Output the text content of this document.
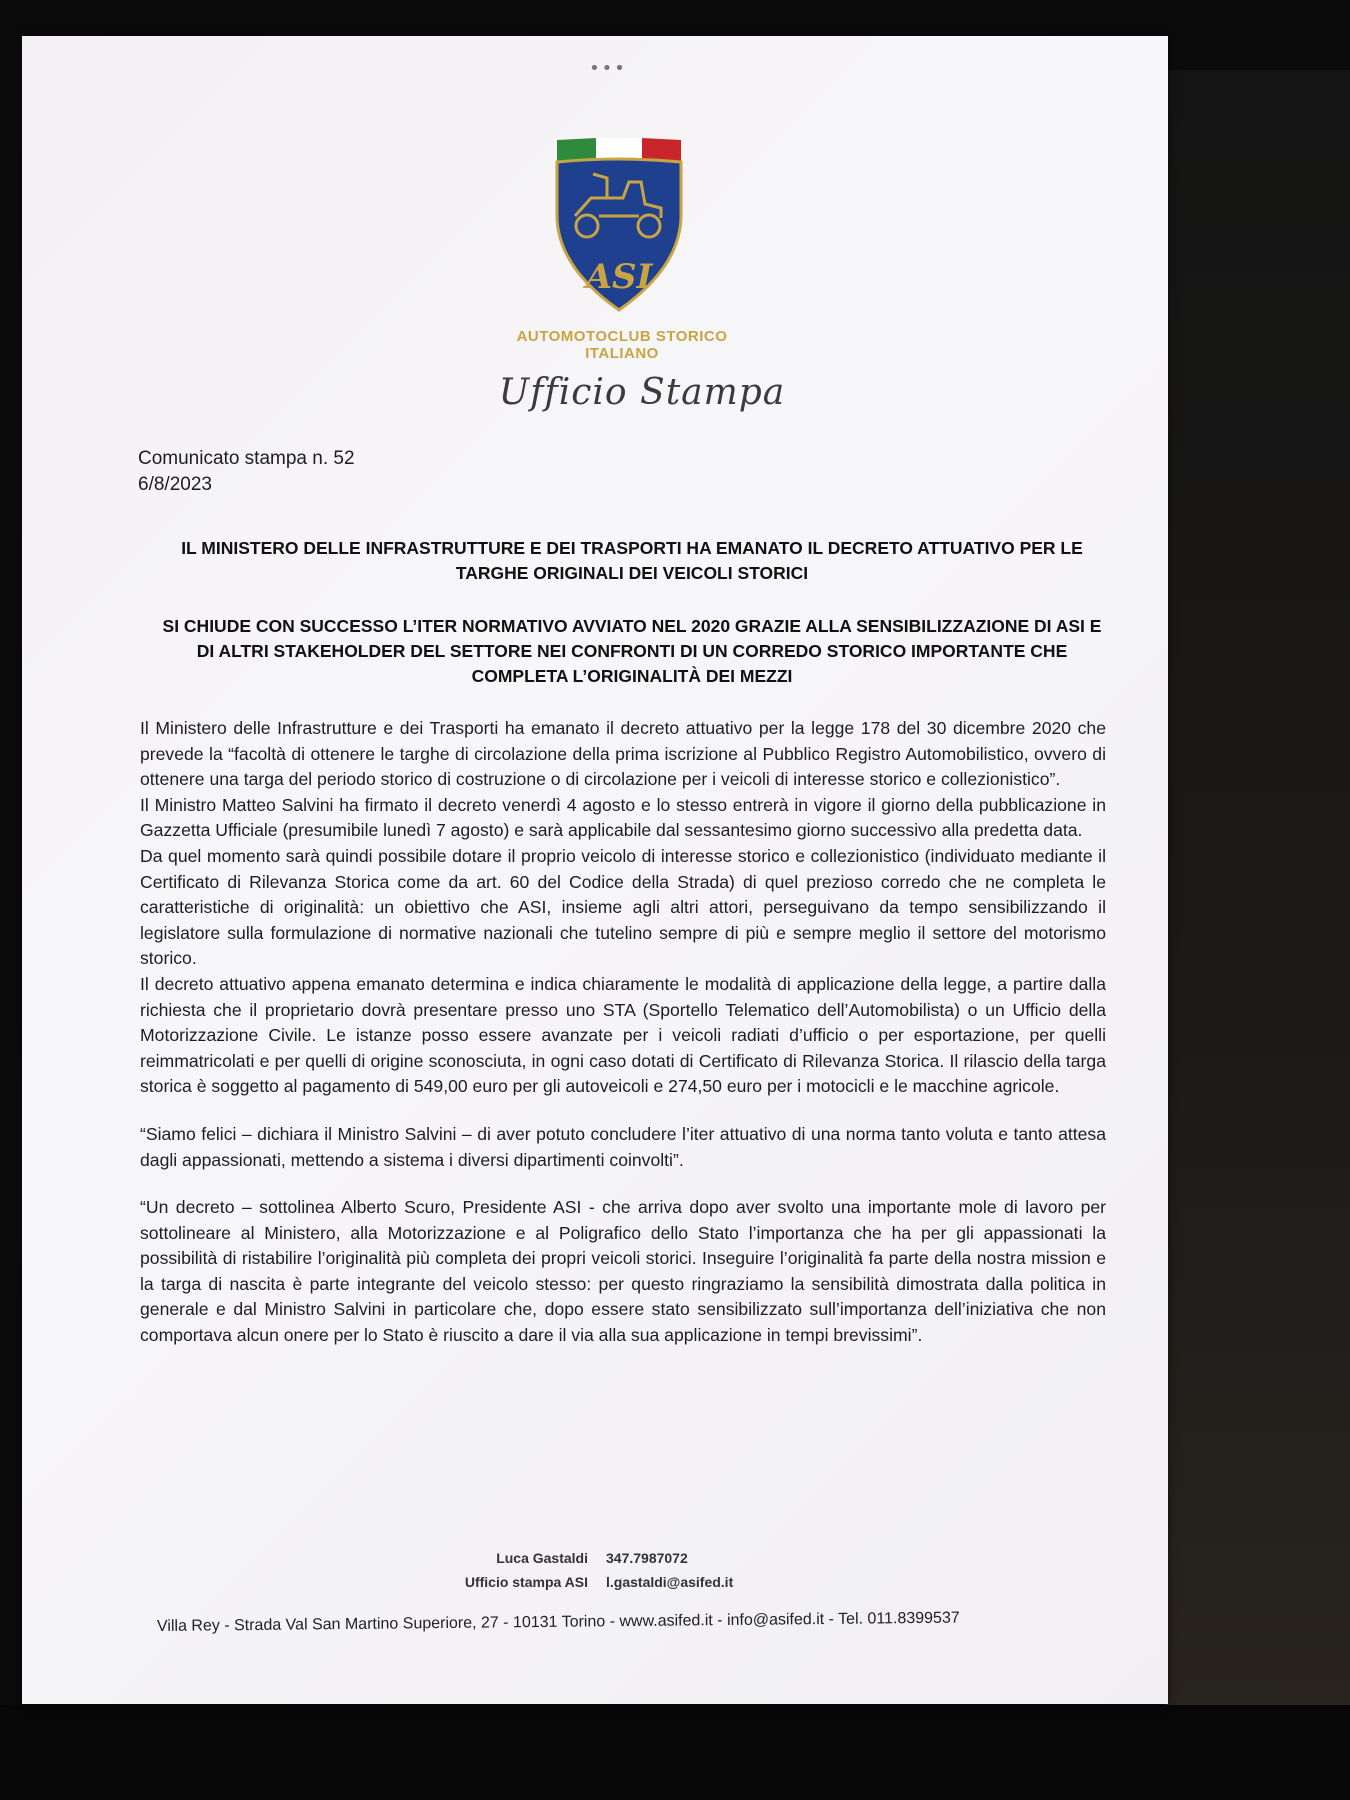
•••
ASI
AUTOMOTOCLUB STORICO
ITALIANO
Ufficio Stampa
Comunicato stampa n. 52
6/8/2023
IL MINISTERO DELLE INFRASTRUTTURE E DEI TRASPORTI HA EMANATO IL DECRETO ATTUATIVO PER LE TARGHE ORIGINALI DEI VEICOLI STORICI
SI CHIUDE CON SUCCESSO L’ITER NORMATIVO AVVIATO NEL 2020 GRAZIE ALLA SENSIBILIZZAZIONE DI ASI E DI ALTRI STAKEHOLDER DEL SETTORE NEI CONFRONTI DI UN CORREDO STORICO IMPORTANTE CHE COMPLETA L’ORIGINALITÀ DEI MEZZI

Il Ministero delle Infrastrutture e dei Trasporti ha emanato il decreto attuativo per la legge 178 del 30 dicembre 2020 che prevede la “facoltà di ottenere le targhe di circolazione della prima iscrizione al Pubblico Registro Automobilistico, ovvero di ottenere una targa del periodo storico di costruzione o di circolazione per i veicoli di interesse storico e collezionistico”.

Il Ministro Matteo Salvini ha firmato il decreto venerdì 4 agosto e lo stesso entrerà in vigore il giorno della pubblicazione in Gazzetta Ufficiale (presumibile lunedì 7 agosto) e sarà applicabile dal sessantesimo giorno successivo alla predetta data.

Da quel momento sarà quindi possibile dotare il proprio veicolo di interesse storico e collezionistico (individuato mediante il Certificato di Rilevanza Storica come da art. 60 del Codice della Strada) di quel prezioso corredo che ne completa le caratteristiche di originalità: un obiettivo che ASI, insieme agli altri attori, perseguivano da tempo sensibilizzando il legislatore sulla formulazione di normative nazionali che tutelino sempre di più e sempre meglio il settore del motorismo storico.

Il decreto attuativo appena emanato determina e indica chiaramente le modalità di applicazione della legge, a partire dalla richiesta che il proprietario dovrà presentare presso uno STA (Sportello Telematico dell’Automobilista) o un Ufficio della Motorizzazione Civile. Le istanze posso essere avanzate per i veicoli radiati d’ufficio o per esportazione, per quelli reimmatricolati e per quelli di origine sconosciuta, in ogni caso dotati di Certificato di Rilevanza Storica. Il rilascio della targa storica è soggetto al pagamento di 549,00 euro per gli autoveicoli e 274,50 euro per i motocicli e le macchine agricole.

“Siamo felici – dichiara il Ministro Salvini – di aver potuto concludere l’iter attuativo di una norma tanto voluta e tanto attesa dagli appassionati, mettendo a sistema i diversi dipartimenti coinvolti”.

“Un decreto – sottolinea Alberto Scuro, Presidente ASI - che arriva dopo aver svolto una importante mole di lavoro per sottolineare al Ministero, alla Motorizzazione e al Poligrafico dello Stato l’importanza che ha per gli appassionati la possibilità di ristabilire l’originalità più completa dei propri veicoli storici. Inseguire l’originalità fa parte della nostra mission e la targa di nascita è parte integrante del veicolo stesso: per questo ringraziamo la sensibilità dimostrata dalla politica in generale e dal Ministro Salvini in particolare che, dopo essere stato sensibilizzato sull’importanza dell’iniziativa che non comportava alcun onere per lo Stato è riuscito a dare il via alla sua applicazione in tempi brevissimi”.

Luca Gastaldi 347.7987072
Ufficio stampa ASI l.gastaldi@asifed.it
Villa Rey - Strada Val San Martino Superiore, 27 - 10131 Torino - www.asifed.it - info@asifed.it - Tel. 011.8399537
